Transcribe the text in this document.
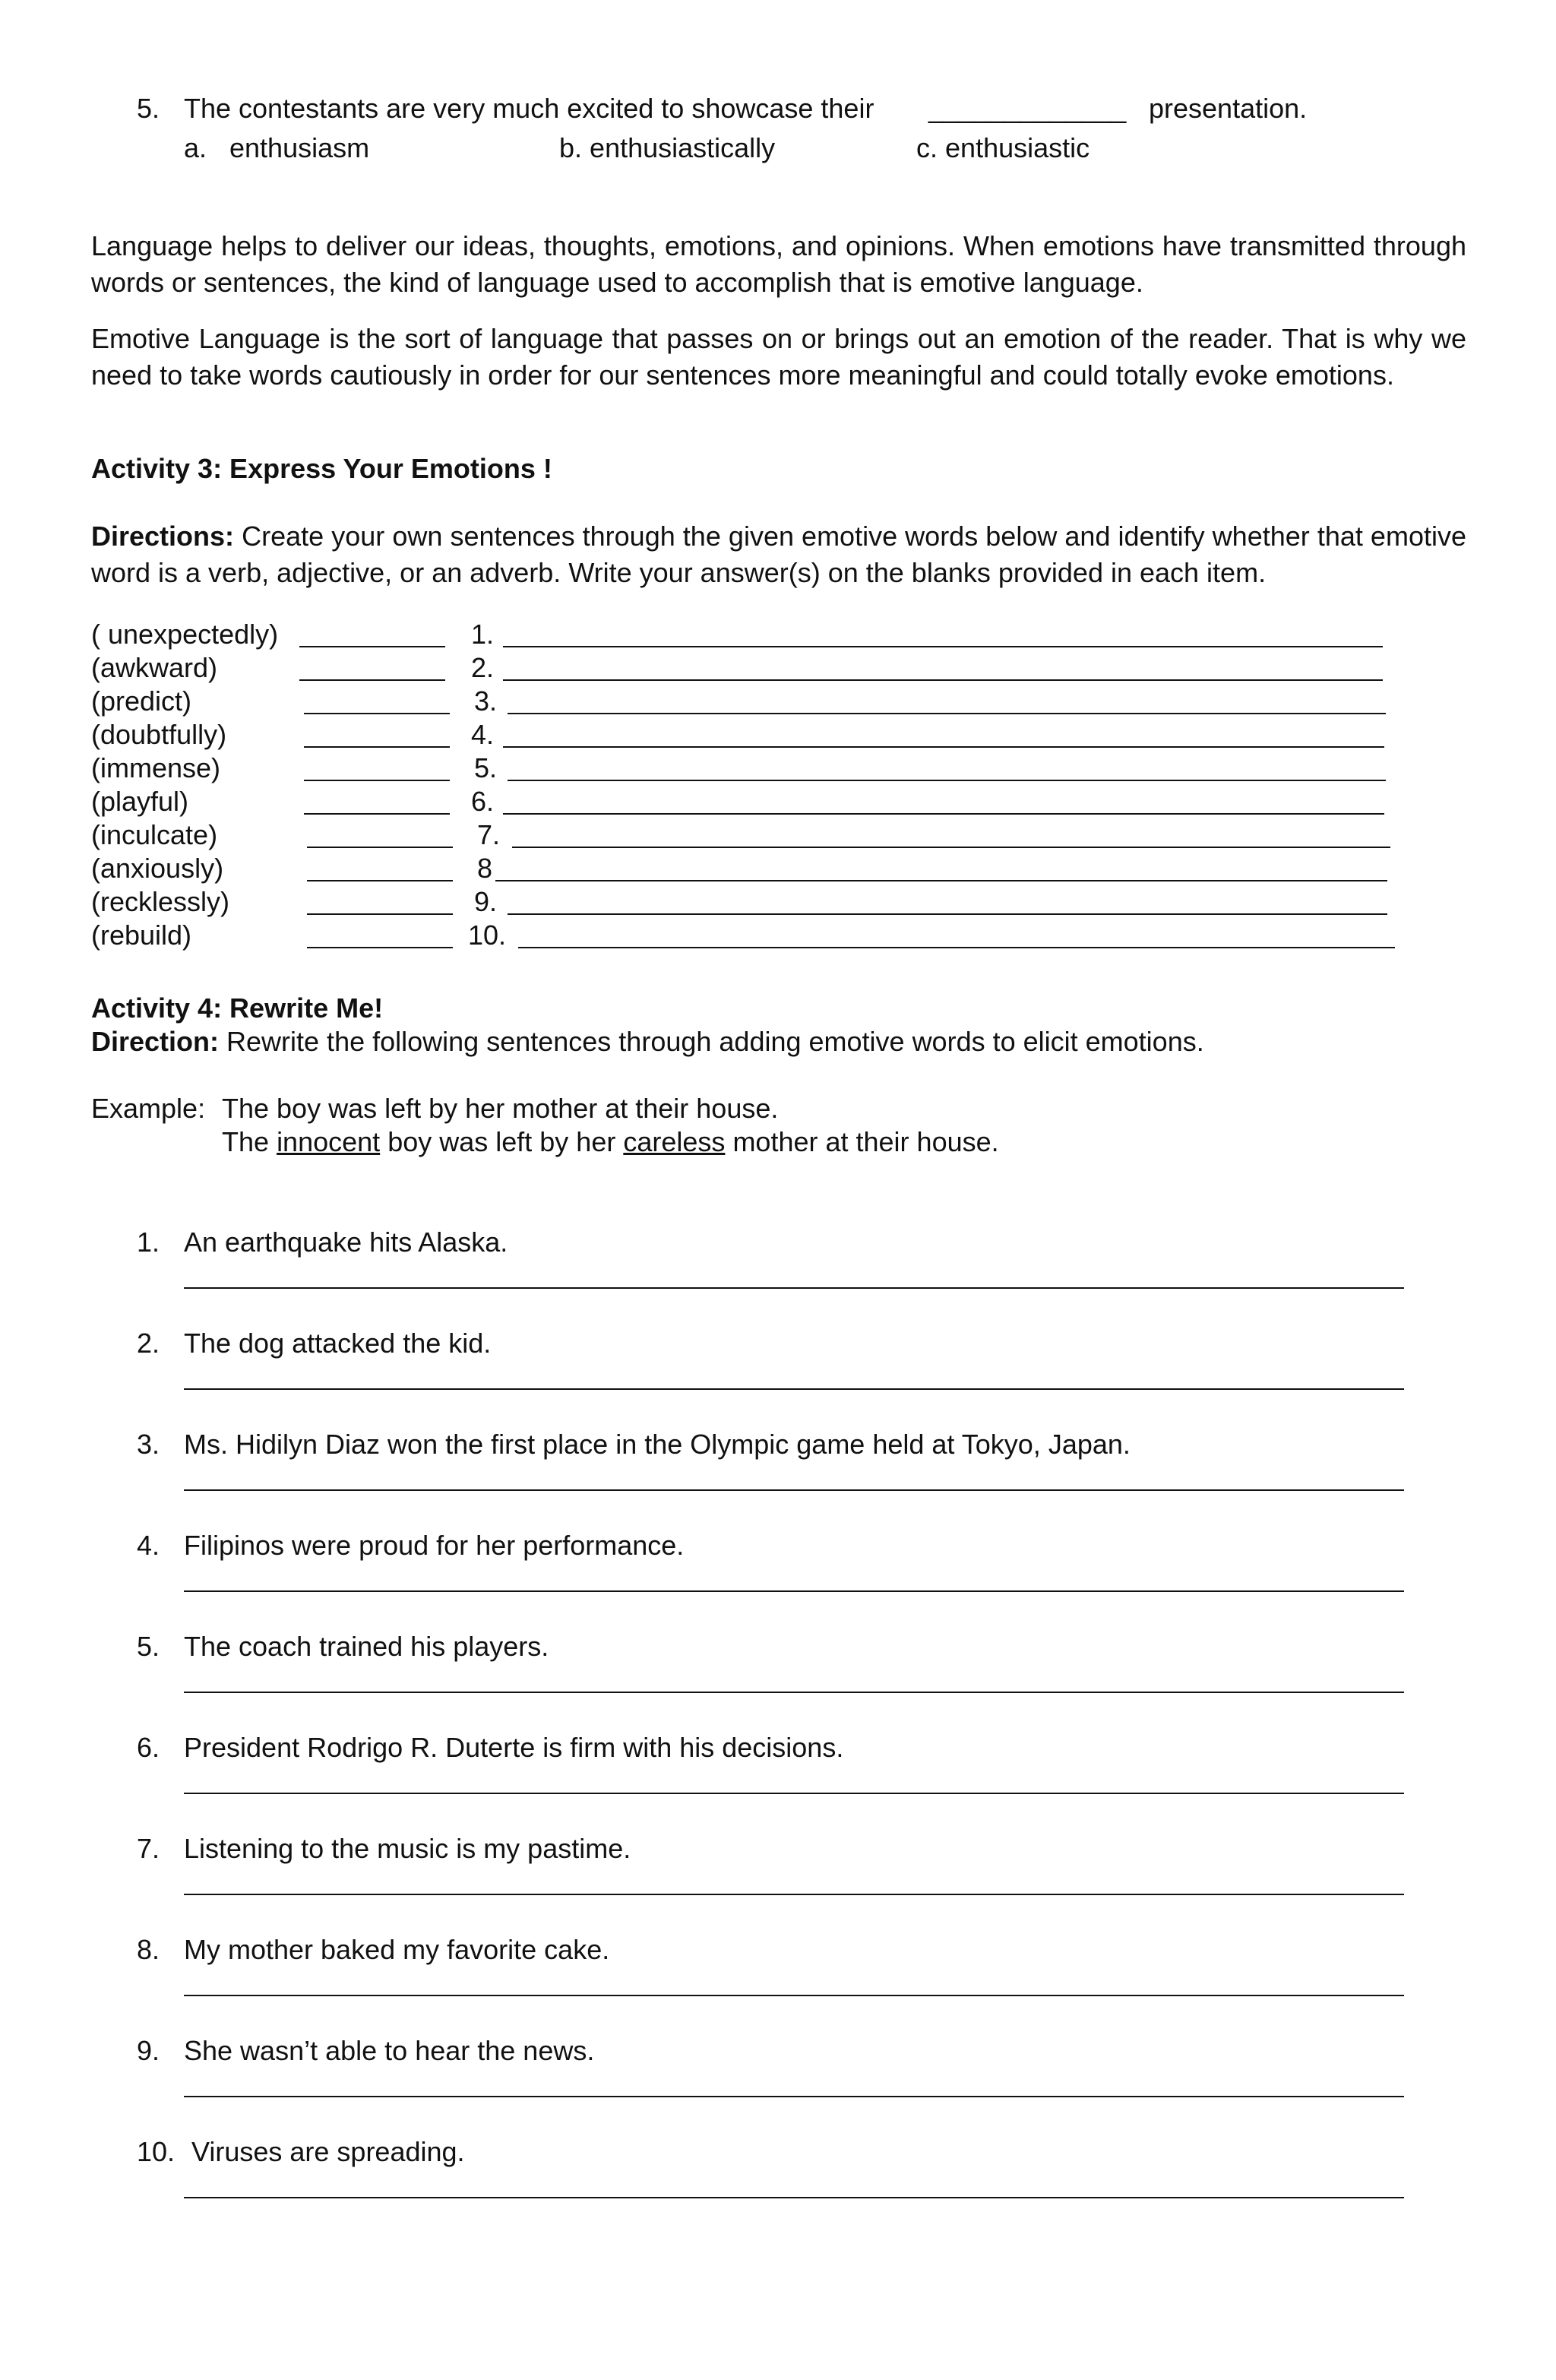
5. The contestants are very much excited to showcase their _____________ presentation.
a. enthusiasm	b. enthusiastically	c. enthusiastic
Language helps to deliver our ideas, thoughts, emotions, and opinions. When emotions have transmitted through words or sentences, the kind of language used to accomplish that is emotive language.
Emotive Language is the sort of language that passes on or brings out an emotion of the reader. That is why we need to take words cautiously in order for our sentences more meaningful and could totally evoke emotions.
Activity 3: Express Your Emotions !
Directions: Create your own sentences through the given emotive words below and identify whether that emotive word is a verb, adjective, or an adverb. Write your answer(s) on the blanks provided in each item.
( unexpectedly)	1.
(awkward)	2.
(predict)	3.
(doubtfully)	4.
(immense)	5.
(playful)	6.
(inculcate)	7.
(anxiously)	8
(recklessly)	9.
(rebuild)	10.
Activity 4: Rewrite Me!
Direction: Rewrite the following sentences through adding emotive words to elicit emotions.
Example: The boy was left by her mother at their house.
The innocent boy was left by her careless mother at their house.
1. An earthquake hits Alaska.
2. The dog attacked the kid.
3. Ms. Hidilyn Diaz won the first place in the Olympic game held at Tokyo, Japan.
4. Filipinos were proud for her performance.
5. The coach trained his players.
6. President Rodrigo R. Duterte is firm with his decisions.
7. Listening to the music is my pastime.
8. My mother baked my favorite cake.
9. She wasn’t able to hear the news.
10. Viruses are spreading.
